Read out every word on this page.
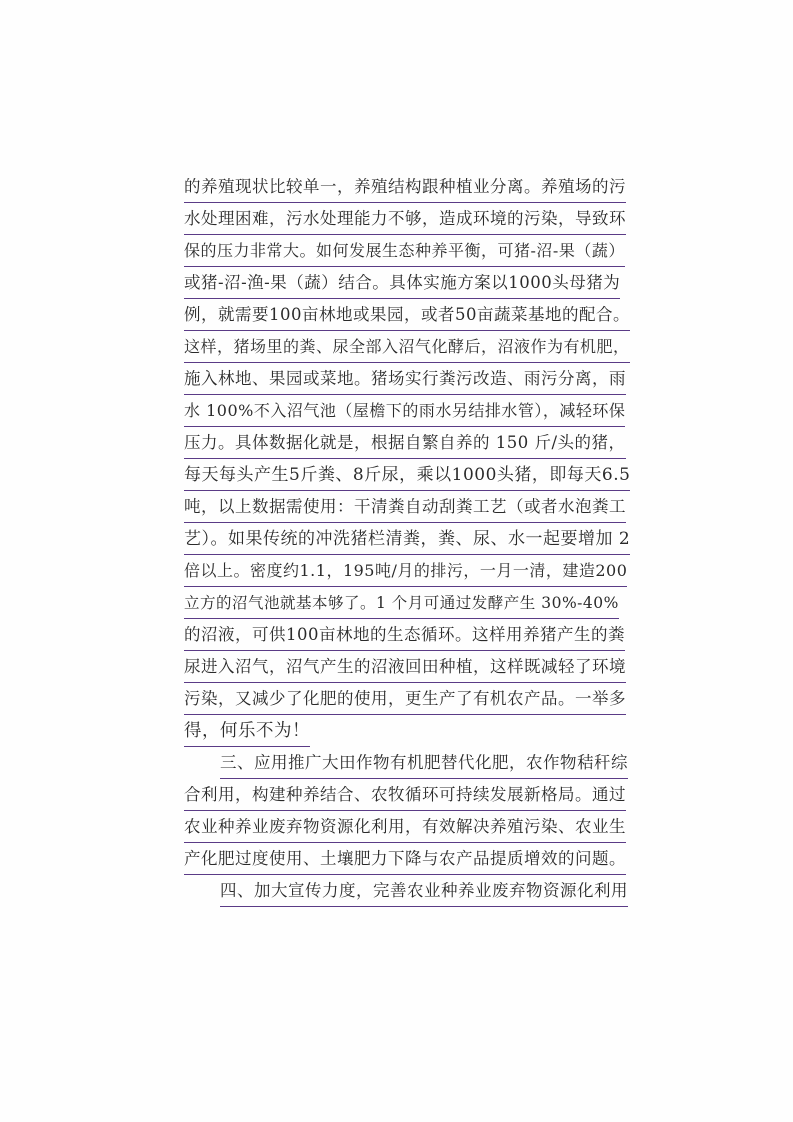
的养殖现状比较单一，养殖结构跟种植业分离。养殖场的污
水处理困难，污水处理能力不够，造成环境的污染，导致环
保的压力非常大。如何发展生态种养平衡，可猪-沼-果（蔬）
或猪-沼-渔-果（蔬）结合。具体实施方案以1000头母猪为
例，就需要100亩林地或果园，或者50亩蔬菜基地的配合。
这样，猪场里的粪、尿全部入沼气化酵后，沼液作为有机肥，
施入林地、果园或菜地。猪场实行粪污改造、雨污分离，雨
水 100%不入沼气池（屋檐下的雨水另结排水管），减轻环保
压力。具体数据化就是，根据自繁自养的 150 斤/头的猪，
每天每头产生5斤粪、8斤尿，乘以1000头猪，即每天6.5
吨，以上数据需使用：干清粪自动刮粪工艺（或者水泡粪工
艺）。如果传统的冲洗猪栏清粪，粪、尿、水一起要增加 2
倍以上。密度约1.1，195吨/月的排污，一月一清，建造200
立方的沼气池就基本够了。1 个月可通过发酵产生 30%-40%
的沼液，可供100亩林地的生态循环。这样用养猪产生的粪
尿进入沼气，沼气产生的沼液回田种植，这样既减轻了环境
污染，又减少了化肥的使用，更生产了有机农产品。一举多
得，何乐不为！
三、应用推广大田作物有机肥替代化肥，农作物秸秆综
合利用，构建种养结合、农牧循环可持续发展新格局。通过
农业种养业废弃物资源化利用，有效解决养殖污染、农业生
产化肥过度使用、土壤肥力下降与农产品提质增效的问题。
四、加大宣传力度，完善农业种养业废弃物资源化利用
